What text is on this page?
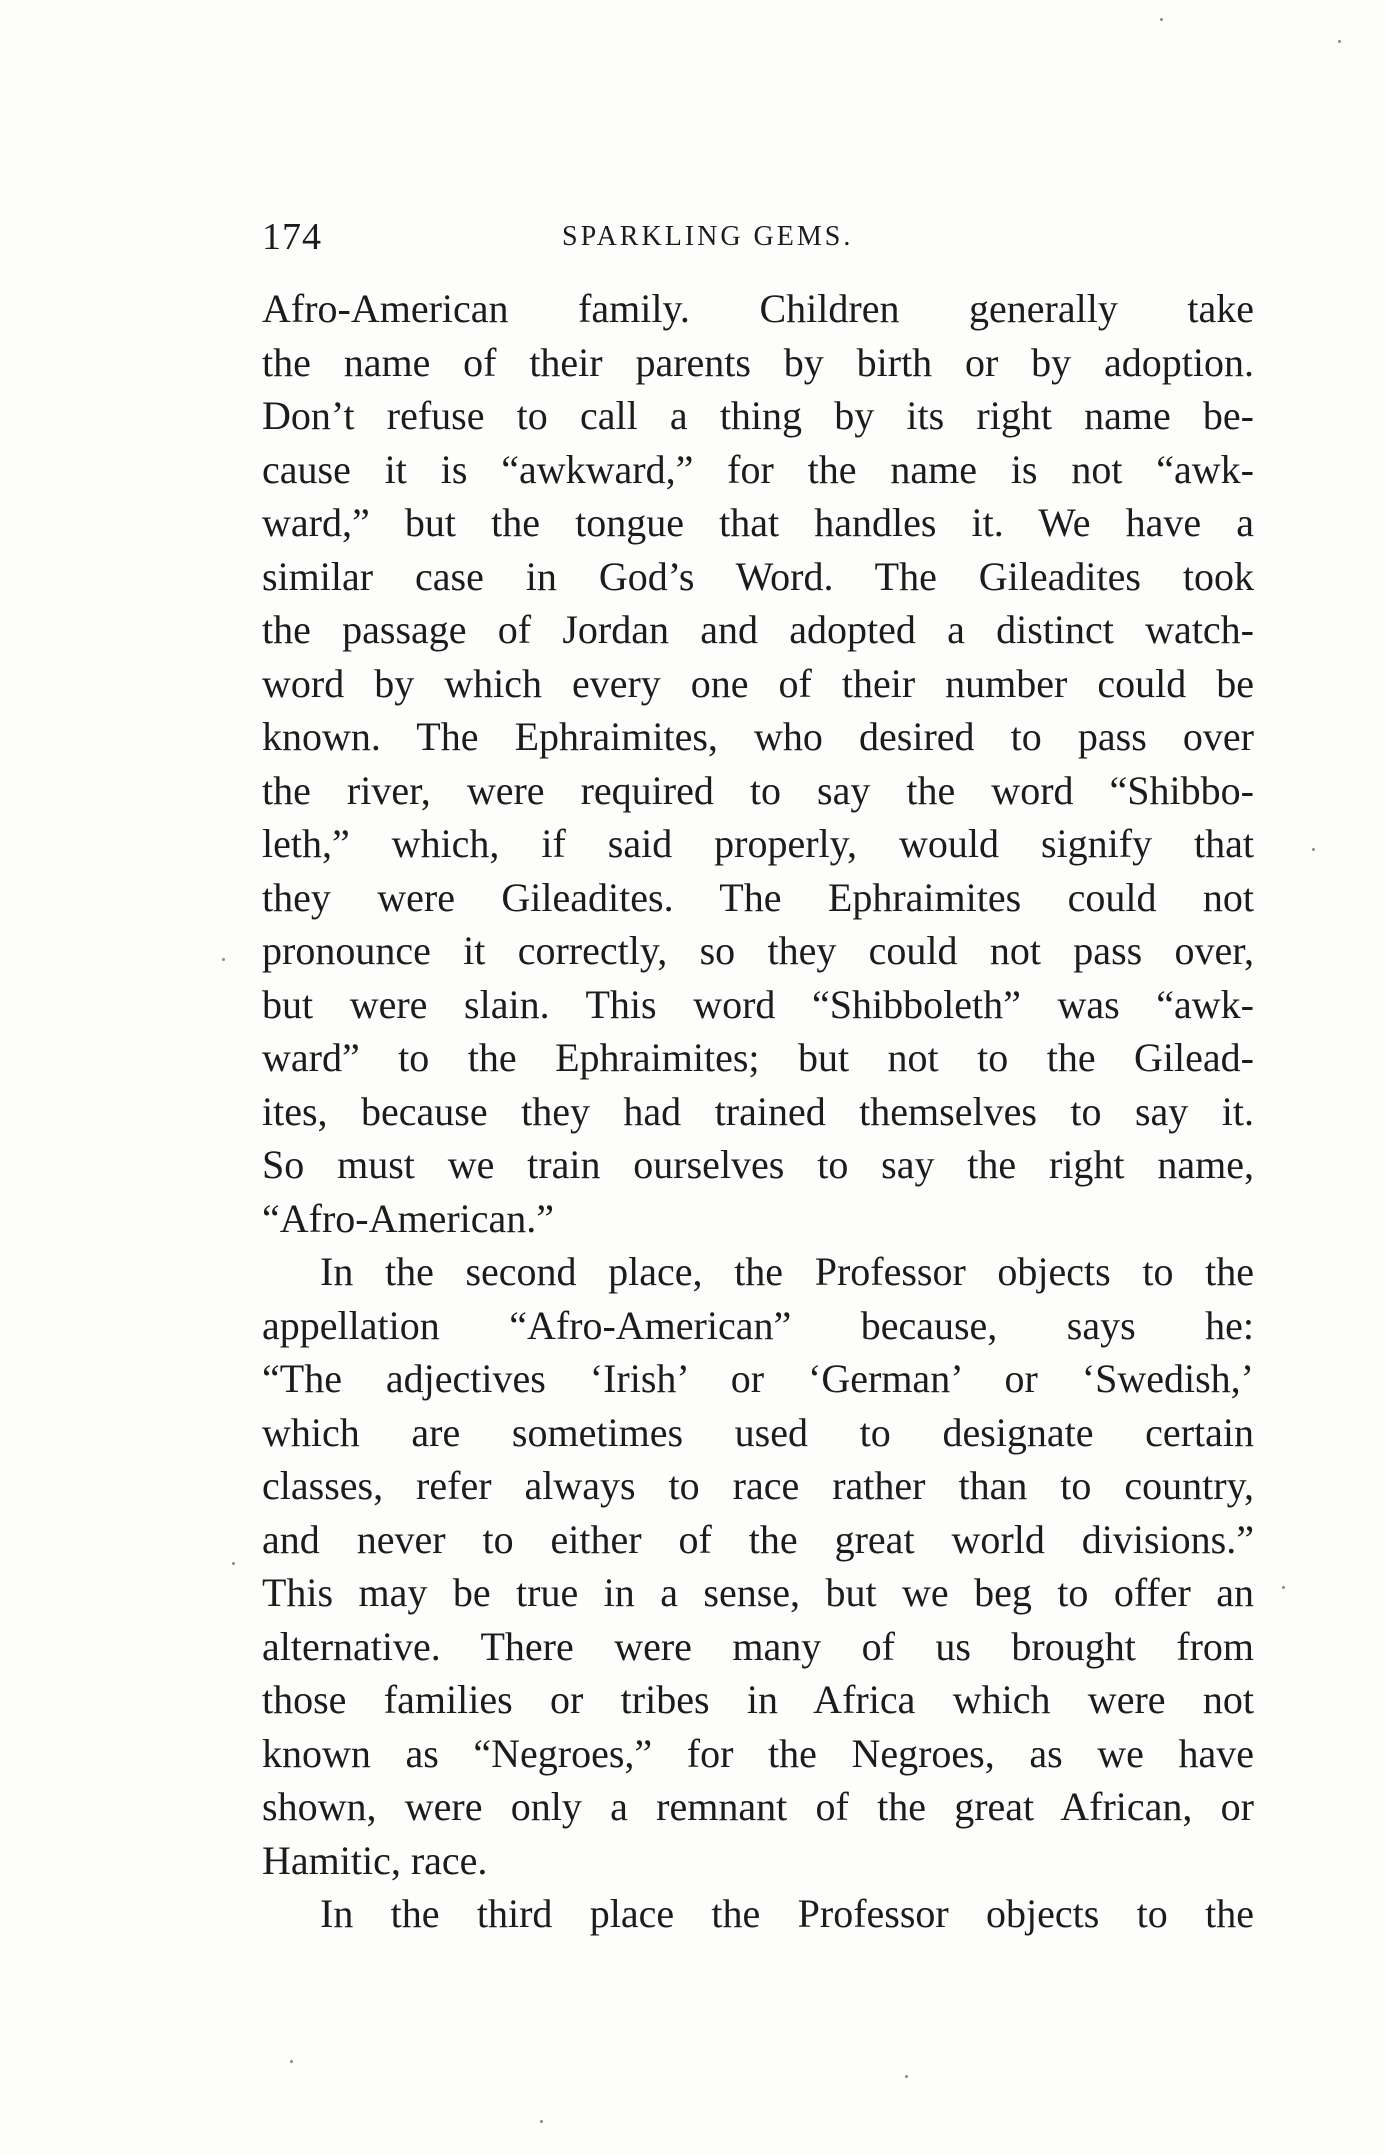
174	SPARKLING GEMS.
Afro-American family. Children generally take
the name of their parents by birth or by adoption.
Don’t refuse to call a thing by its right name be-
cause it is “awkward,” for the name is not “awk-
ward,” but the tongue that handles it. We have a
similar case in God’s Word. The Gileadites took
the passage of Jordan and adopted a distinct watch-
word by which every one of their number could be
known. The Ephraimites, who desired to pass over
the river, were required to say the word “Shibbo-
leth,” which, if said properly, would signify that
they were Gileadites. The Ephraimites could not
pronounce it correctly, so they could not pass over,
but were slain. This word “Shibboleth” was “awk-
ward” to the Ephraimites; but not to the Gilead-
ites, because they had trained themselves to say it.
So must we train ourselves to say the right name,
“Afro-American.”
In the second place, the Professor objects to the
appellation “Afro-American” because, says he:
“The adjectives ‘Irish’ or ‘German’ or ‘Swedish,’
which are sometimes used to designate certain
classes, refer always to race rather than to country,
and never to either of the great world divisions.”
This may be true in a sense, but we beg to offer an
alternative. There were many of us brought from
those families or tribes in Africa which were not
known as “Negroes,” for the Negroes, as we have
shown, were only a remnant of the great African, or
Hamitic, race.
In the third place the Professor objects to the
